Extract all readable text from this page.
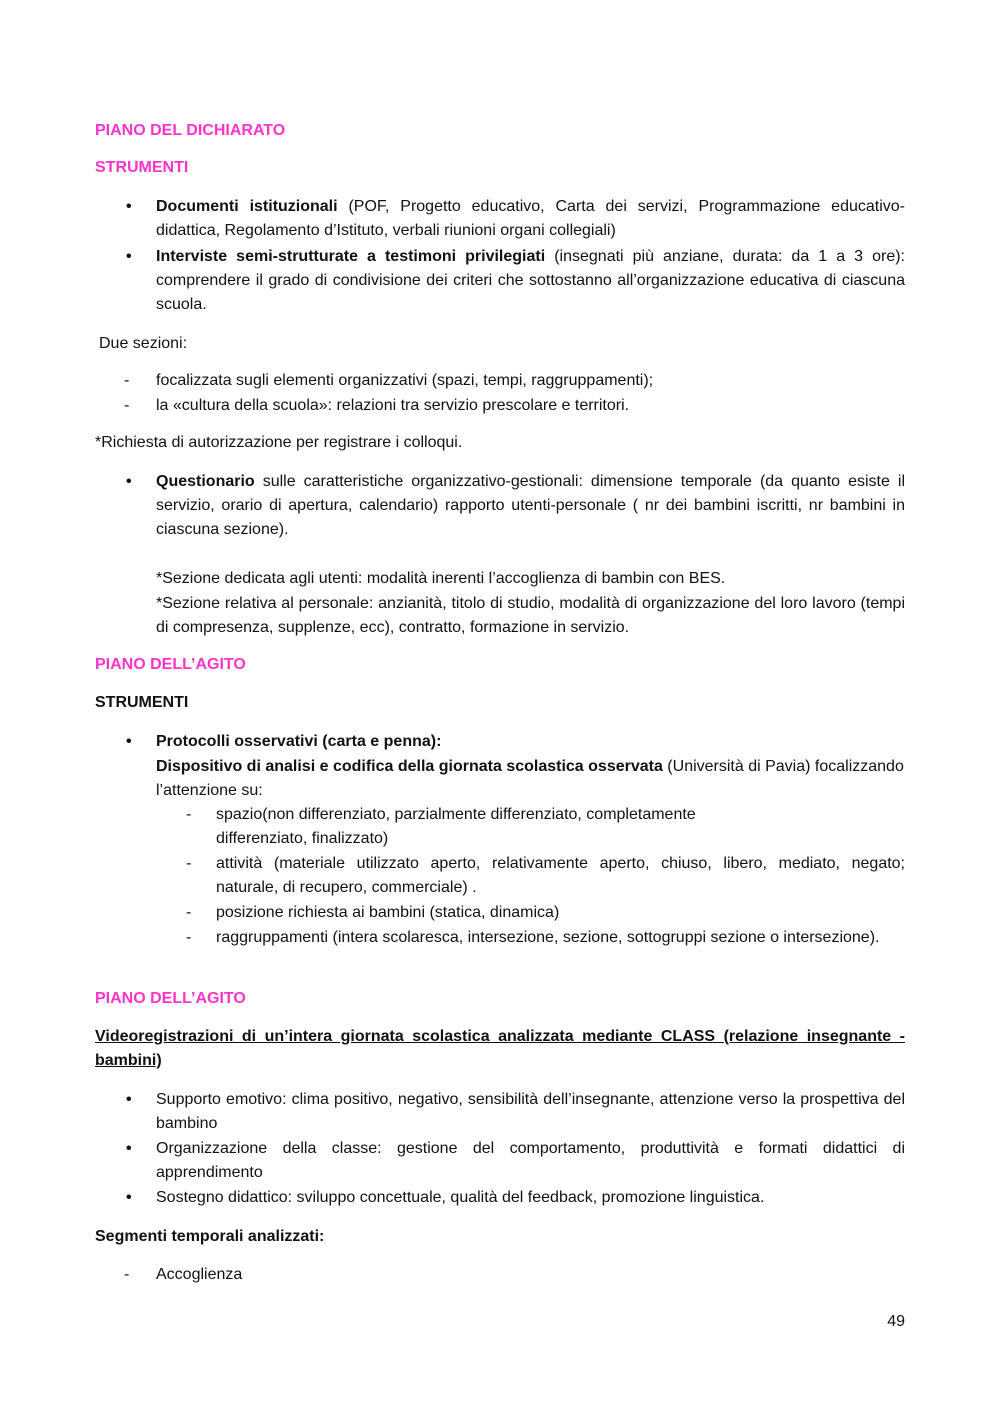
PIANO DEL DICHIARATO

STRUMENTI

• Documenti istituzionali (POF, Progetto educativo, Carta dei servizi, Programmazione educativo-didattica, Regolamento d’Istituto, verbali riunioni organi collegiali)

• Interviste semi-strutturate a testimoni privilegiati (insegnati più anziane, durata: da 1 a 3 ore): comprendere il grado di condivisione dei criteri che sottostanno all’organizzazione educativa di ciascuna scuola.

Due sezioni:

- focalizzata sugli elementi organizzativi (spazi, tempi, raggruppamenti);

- la «cultura della scuola»: relazioni tra servizio prescolare e territori.

*Richiesta di autorizzazione per registrare i colloqui.

• Questionario sulle caratteristiche organizzativo-gestionali: dimensione temporale (da quanto esiste il servizio, orario di apertura, calendario) rapporto utenti-personale ( nr dei bambini iscritti, nr bambini in ciascuna sezione).

*Sezione dedicata agli utenti: modalità inerenti l’accoglienza di bambin con BES.

*Sezione relativa al personale: anzianità, titolo di studio, modalità di organizzazione del loro lavoro (tempi di compresenza, supplenze, ecc), contratto, formazione in servizio.

PIANO DELL’AGITO

STRUMENTI

• Protocolli osservativi (carta e penna):

Dispositivo di analisi e codifica della giornata scolastica osservata (Università di Pavia) focalizzando l’attenzione su:

- spazio(non differenziato, parzialmente differenziato, completamente differenziato, finalizzato)

- attività (materiale utilizzato aperto, relativamente aperto, chiuso, libero, mediato, negato; naturale, di recupero, commerciale) .

- posizione richiesta ai bambini (statica, dinamica)

- raggruppamenti (intera scolaresca, intersezione, sezione, sottogruppi sezione o intersezione).

PIANO DELL’AGITO

Videoregistrazioni di un’intera giornata scolastica analizzata mediante CLASS (relazione insegnante - bambini)

• Supporto emotivo: clima positivo, negativo, sensibilità dell’insegnante, attenzione verso la prospettiva del bambino

• Organizzazione della classe: gestione del comportamento, produttività e formati didattici di apprendimento

• Sostegno didattico: sviluppo concettuale, qualità del feedback, promozione linguistica.

Segmenti temporali analizzati:

- Accoglienza

49
